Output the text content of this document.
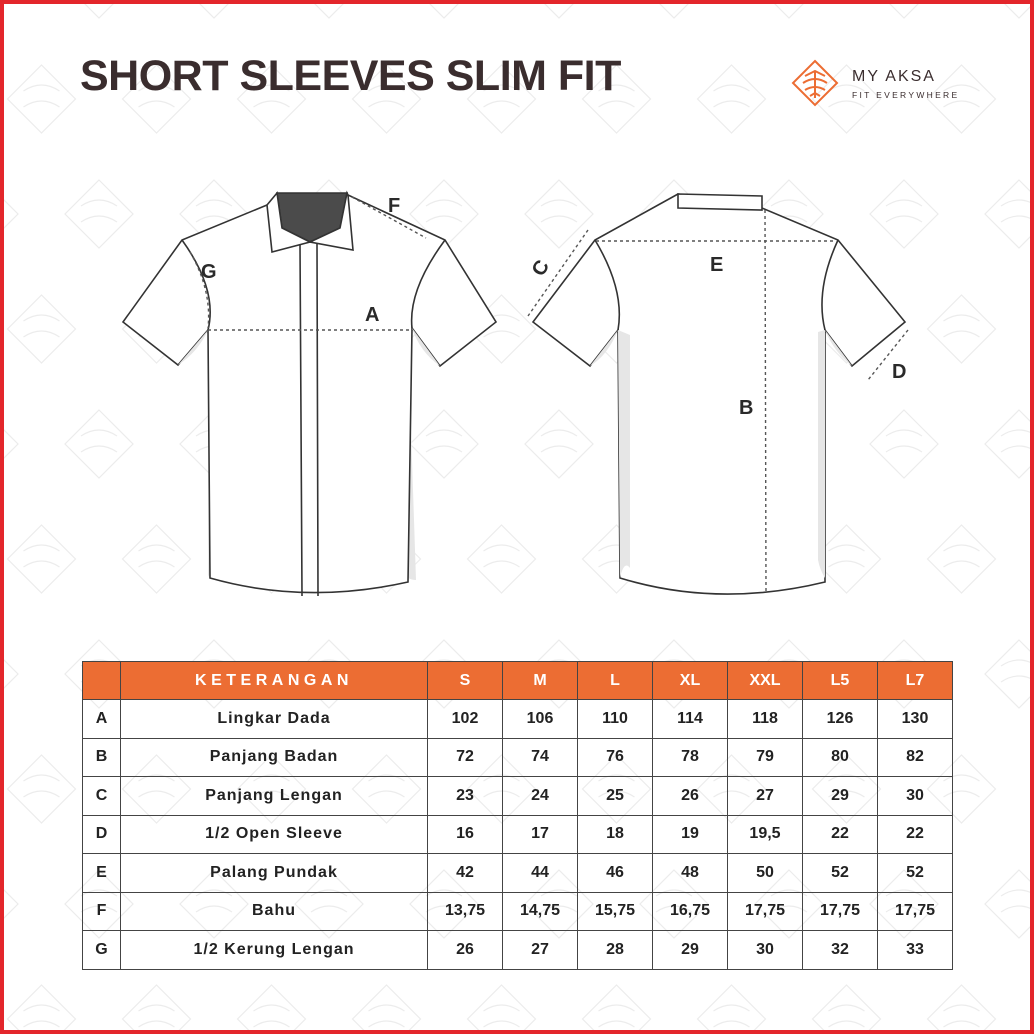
SHORT SLEEVES SLIM FIT	MY AKSA
FIT EVERYWHERE
A
F
G	E
C
B
D
	KETERANGAN	S	M	L	XL	XXL	L5	L7
A	Lingkar Dada	102	106	110	114	118	126	130
B	Panjang Badan	72	74	76	78	79	80	82
C	Panjang Lengan	23	24	25	26	27	29	30
D	1/2 Open Sleeve	16	17	18	19	19,5	22	22
E	Palang Pundak	42	44	46	48	50	52	52
F	Bahu	13,75	14,75	15,75	16,75	17,75	17,75	17,75
G	1/2 Kerung Lengan	26	27	28	29	30	32	33
